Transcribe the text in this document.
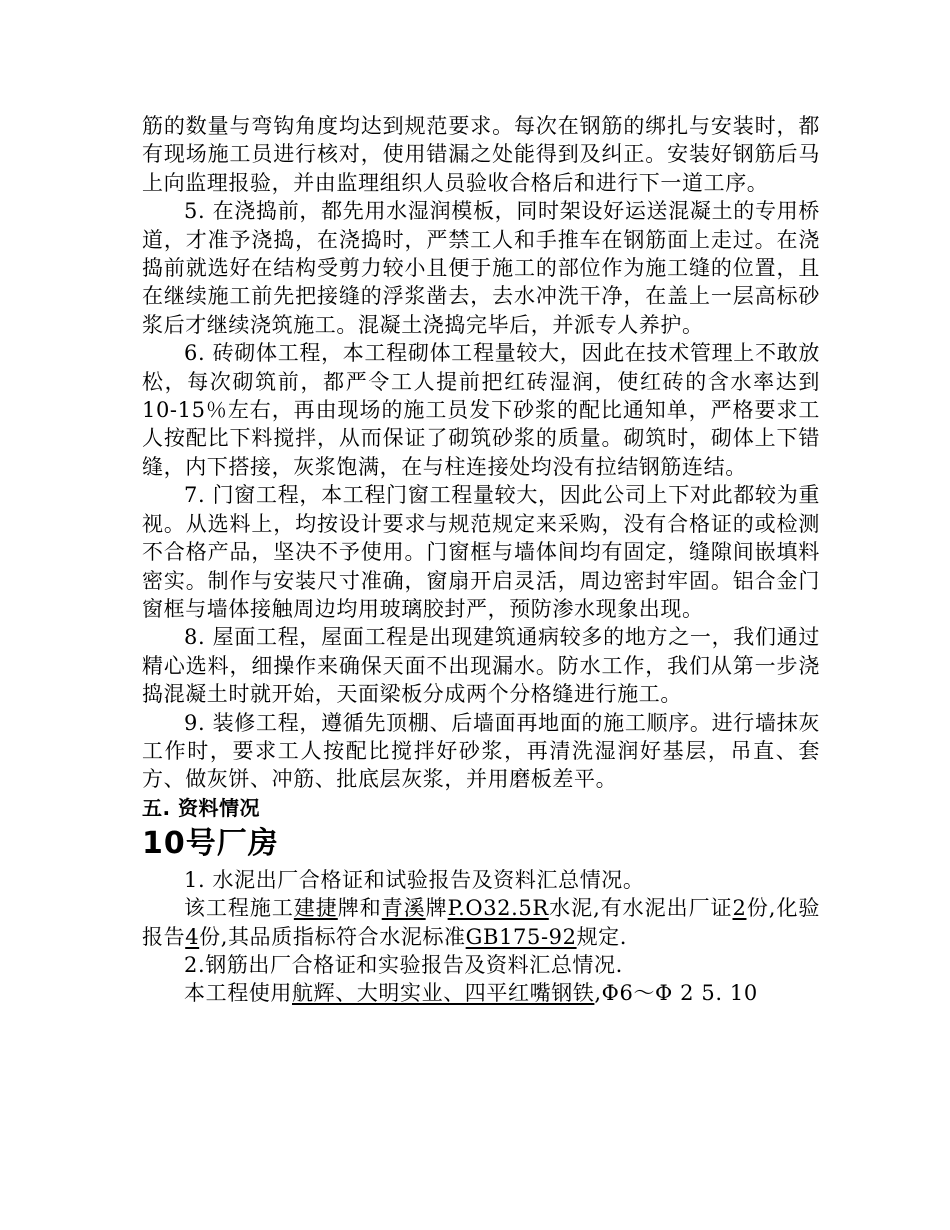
筋的数量与弯钩角度均达到规范要求。每次在钢筋的绑扎与安装时，都有现场施工员进行核对，使用错漏之处能得到及纠正。安装好钢筋后马上向监理报验，并由监理组织人员验收合格后和进行下一道工序。

5. 在浇捣前，都先用水湿润模板，同时架设好运送混凝土的专用桥道，才准予浇捣，在浇捣时，严禁工人和手推车在钢筋面上走过。在浇捣前就选好在结构受剪力较小且便于施工的部位作为施工缝的位置，且在继续施工前先把接缝的浮浆凿去，去水冲洗干净，在盖上一层高标砂浆后才继续浇筑施工。混凝土浇捣完毕后，并派专人养护。

6. 砖砌体工程，本工程砌体工程量较大，因此在技术管理上不敢放松，每次砌筑前，都严令工人提前把红砖湿润，使红砖的含水率达到 10-15％左右，再由现场的施工员发下砂浆的配比通知单，严格要求工人按配比下料搅拌，从而保证了砌筑砂浆的质量。砌筑时，砌体上下错缝，内下搭接，灰浆饱满，在与柱连接处均没有拉结钢筋连结。

7. 门窗工程，本工程门窗工程量较大，因此公司上下对此都较为重视。从选料上，均按设计要求与规范规定来采购，没有合格证的或检测不合格产品，坚决不予使用。门窗框与墙体间均有固定，缝隙间嵌填料密实。制作与安装尺寸准确，窗扇开启灵活，周边密封牢固。铝合金门窗框与墙体接触周边均用玻璃胶封严，预防渗水现象出现。

8. 屋面工程，屋面工程是出现建筑通病较多的地方之一，我们通过精心选料，细操作来确保天面不出现漏水。防水工作，我们从第一步浇捣混凝土时就开始，天面梁板分成两个分格缝进行施工。

9. 装修工程，遵循先顶棚、后墙面再地面的施工顺序。进行墙抹灰工作时，要求工人按配比搅拌好砂浆，再清洗湿润好基层，吊直、套方、做灰饼、冲筋、批底层灰浆，并用磨板差平。

五. 资料情况
10号厂房

1. 水泥出厂合格证和试验报告及资料汇总情况。

该工程施工建捷牌和青溪牌P.O32.5R水泥,有水泥出厂证2份,化验报告4份,其品质指标符合水泥标准GB175-92规定.

2.钢筋出厂合格证和实验报告及资料汇总情况.

本工程使用航辉、大明实业、四平红嘴钢铁,Φ6～Φ 2 5. 10
